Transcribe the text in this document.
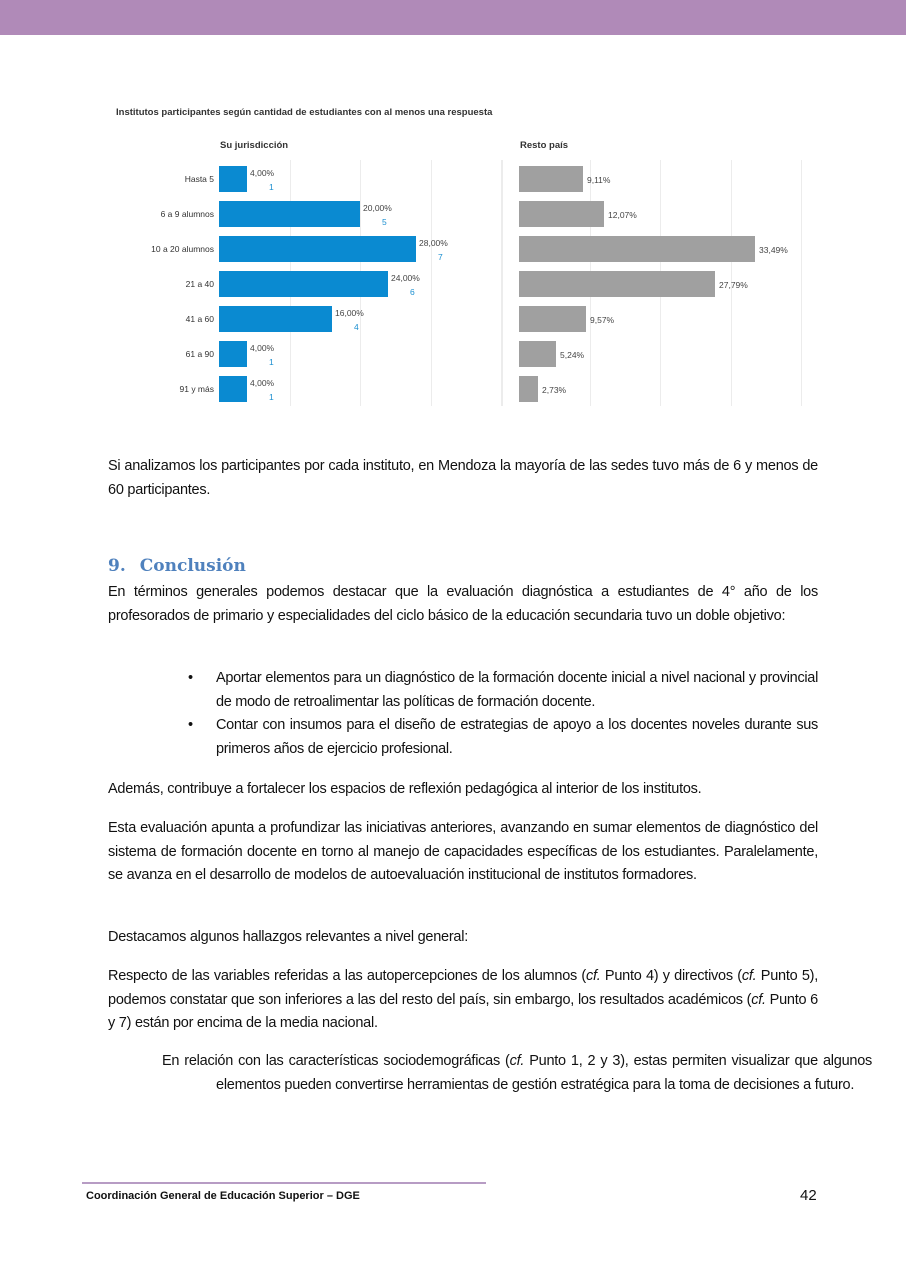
Institutos participantes según cantidad de estudiantes con al menos una respuesta
Su jurisdicción	Resto país
Hasta 5
4,00%
1
9,11%
6 a 9 alumnos
20,00%
5
12,07%
10 a 20 alumnos
28,00%
7
33,49%
21 a 40
24,00%
6
27,79%
41 a 60
16,00%
4
9,57%
61 a 90
4,00%
1
5,24%
91 y más
4,00%
1
2,73%
Si analizamos los participantes por cada instituto, en Mendoza la mayoría de las sedes tuvo más de 6 y menos de 60 participantes.
9. Conclusión
En términos generales podemos destacar que la evaluación diagnóstica a estudiantes de 4° año de los profesorados de primario y especialidades del ciclo básico de la educación secundaria tuvo un doble objetivo:
• Aportar elementos para un diagnóstico de la formación docente inicial a nivel nacional y provincial de modo de retroalimentar las políticas de formación docente.
• Contar con insumos para el diseño de estrategias de apoyo a los docentes noveles durante sus primeros años de ejercicio profesional.
Además, contribuye a fortalecer los espacios de reflexión pedagógica al interior de los institutos.
Esta evaluación apunta a profundizar las iniciativas anteriores, avanzando en sumar elementos de diagnóstico del sistema de formación docente en torno al manejo de capacidades específicas de los estudiantes. Paralelamente, se avanza en el desarrollo de modelos de autoevaluación institucional de institutos formadores.
Destacamos algunos hallazgos relevantes a nivel general:
Respecto de las variables referidas a las autopercepciones de los alumnos (cf. Punto 4) y directivos (cf. Punto 5), podemos constatar que son inferiores a las del resto del país, sin embargo, los resultados académicos (cf. Punto 6 y 7) están por encima de la media nacional.
En relación con las características sociodemográficas (cf. Punto 1, 2 y 3), estas permiten visualizar que algunos elementos pueden convertirse herramientas de gestión estratégica para la toma de decisiones a futuro.
Coordinación General de Educación Superior – DGE	42
